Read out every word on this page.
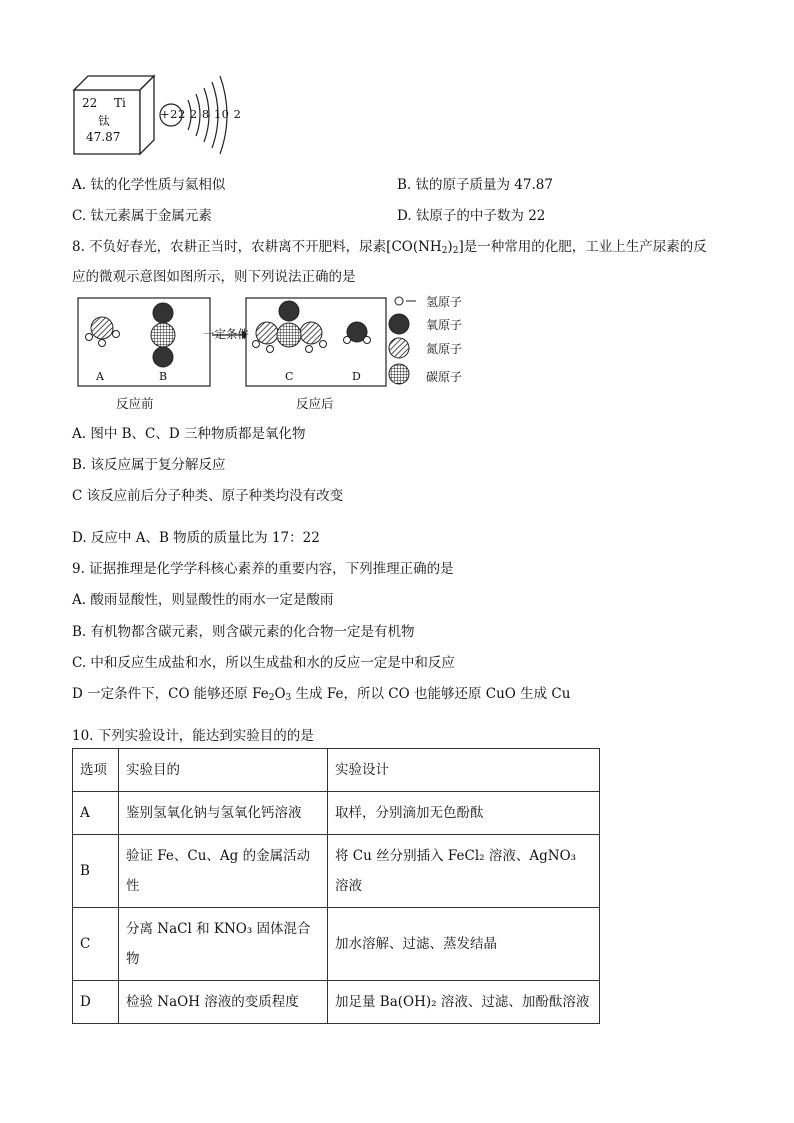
22 Ti
钛
47.87
+22 2 8 10 2
A. 钛的化学性质与氦相似	B. 钛的原子质量为 47.87
C. 钛元素属于金属元素	D. 钛原子的中子数为 22
8. 不负好春光，农耕正当时，农耕离不开肥料，尿素$[CO(NH_2)_2]$是一种常用的化肥，工业上生产尿素的反
应的微观示意图如图所示，则下列说法正确的是
一定条件
A	B	C	D
氢原子
氧原子
氮原子
碳原子
反应前	反应后
A. 图中 B、C、D 三种物质都是氧化物
B. 该反应属于复分解反应
C 该反应前后分子种类、原子种类均没有改变
D. 反应中 A、B 物质的质量比为 17：22
9. 证据推理是化学学科核心素养的重要内容，下列推理正确的是
A. 酸雨显酸性，则显酸性的雨水一定是酸雨
B. 有机物都含碳元素，则含碳元素的化合物一定是有机物
C. 中和反应生成盐和水，所以生成盐和水的反应一定是中和反应
D 一定条件下，CO 能够还原 $Fe_2O_3$ 生成 Fe，所以 CO 也能够还原 CuO 生成 Cu
10. 下列实验设计，能达到实验目的的是
选项	实验目的	实验设计
A	鉴别氢氧化钠与氢氧化钙溶液	取样，分别滴加无色酚酞
B	验证 Fe、Cu、Ag 的金属活动性	将 Cu 丝分别插入 FeCl₂ 溶液、AgNO₃ 溶液
C	分离 NaCl 和 KNO₃ 固体混合物	加水溶解、过滤、蒸发结晶
D	检验 NaOH 溶液的变质程度	加足量 Ba(OH)₂ 溶液、过滤、加酚酞溶液
